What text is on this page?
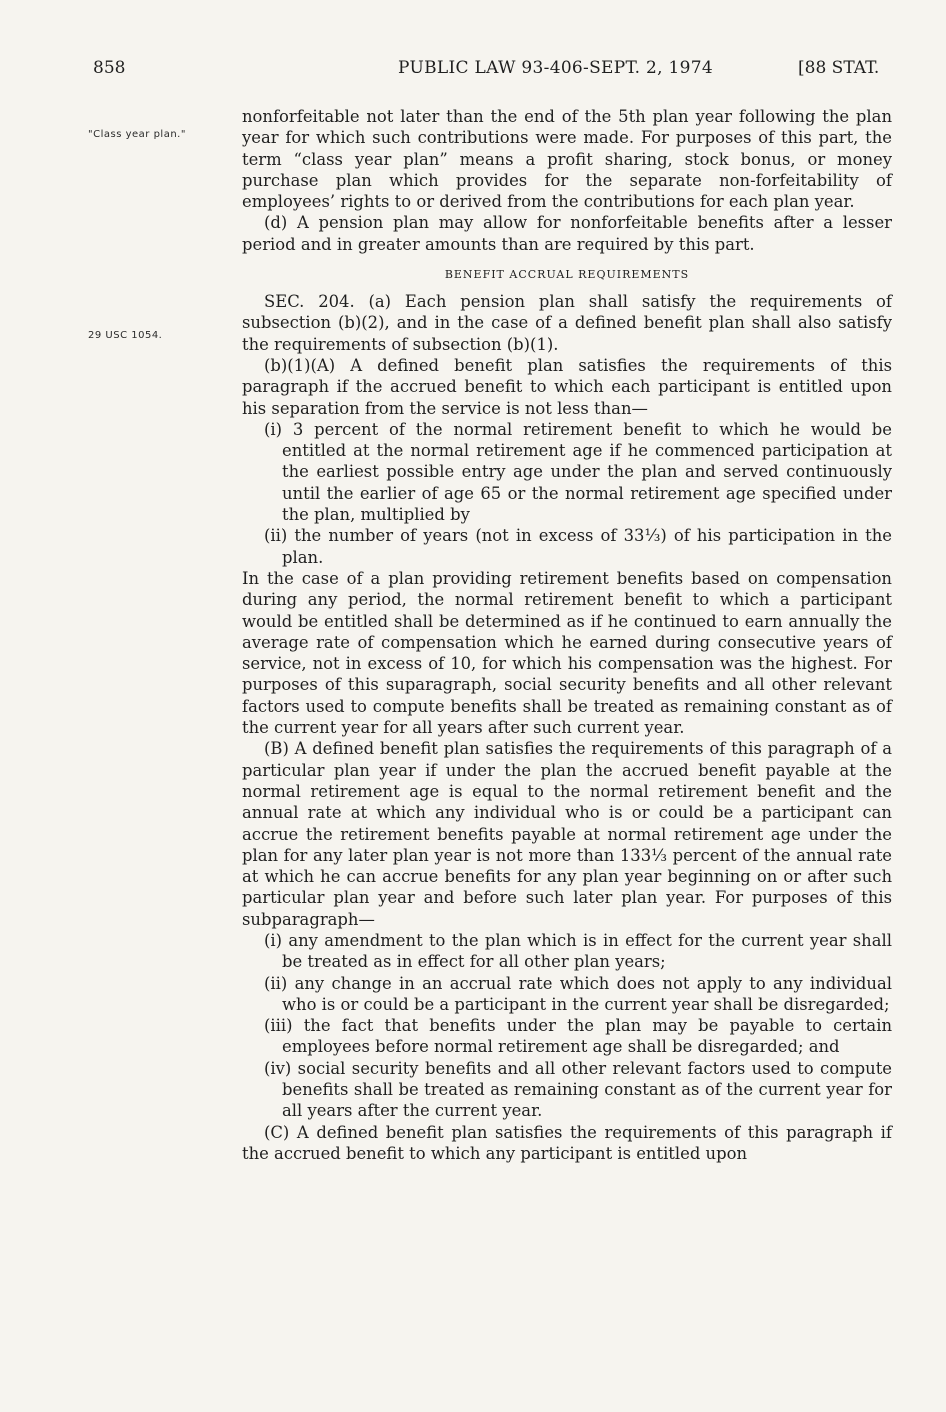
858	PUBLIC LAW 93-406-SEPT. 2, 1974	[88 STAT.
"Class year plan."
29 USC 1054.

nonforfeitable not later than the end of the 5th plan year following the plan year for which such contributions were made. For purposes of this part, the term “class year plan” means a profit sharing, stock bonus, or money purchase plan which provides for the separate non-forfeitability of employees’ rights to or derived from the contributions for each plan year.

(d) A pension plan may allow for nonforfeitable benefits after a lesser period and in greater amounts than are required by this part.

BENEFIT ACCRUAL REQUIREMENTS

SEC. 204. (a) Each pension plan shall satisfy the requirements of subsection (b)(2), and in the case of a defined benefit plan shall also satisfy the requirements of subsection (b)(1).

(b)(1)(A) A defined benefit plan satisfies the requirements of this paragraph if the accrued benefit to which each participant is entitled upon his separation from the service is not less than—

(i) 3 percent of the normal retirement benefit to which he would be entitled at the normal retirement age if he commenced participation at the earliest possible entry age under the plan and served continuously until the earlier of age 65 or the normal retirement age specified under the plan, multiplied by

(ii) the number of years (not in excess of 33⅓) of his participation in the plan.

In the case of a plan providing retirement benefits based on compensation during any period, the normal retirement benefit to which a participant would be entitled shall be determined as if he continued to earn annually the average rate of compensation which he earned during consecutive years of service, not in excess of 10, for which his compensation was the highest. For purposes of this suparagraph, social security benefits and all other relevant factors used to compute benefits shall be treated as remaining constant as of the current year for all years after such current year.

(B) A defined benefit plan satisfies the requirements of this paragraph of a particular plan year if under the plan the accrued benefit payable at the normal retirement age is equal to the normal retirement benefit and the annual rate at which any individual who is or could be a participant can accrue the retirement benefits payable at normal retirement age under the plan for any later plan year is not more than 133⅓ percent of the annual rate at which he can accrue benefits for any plan year beginning on or after such particular plan year and before such later plan year. For purposes of this subparagraph—

(i) any amendment to the plan which is in effect for the current year shall be treated as in effect for all other plan years;

(ii) any change in an accrual rate which does not apply to any individual who is or could be a participant in the current year shall be disregarded;

(iii) the fact that benefits under the plan may be payable to certain employees before normal retirement age shall be disregarded; and

(iv) social security benefits and all other relevant factors used to compute benefits shall be treated as remaining constant as of the current year for all years after the current year.

(C) A defined benefit plan satisfies the requirements of this paragraph if the accrued benefit to which any participant is entitled upon
